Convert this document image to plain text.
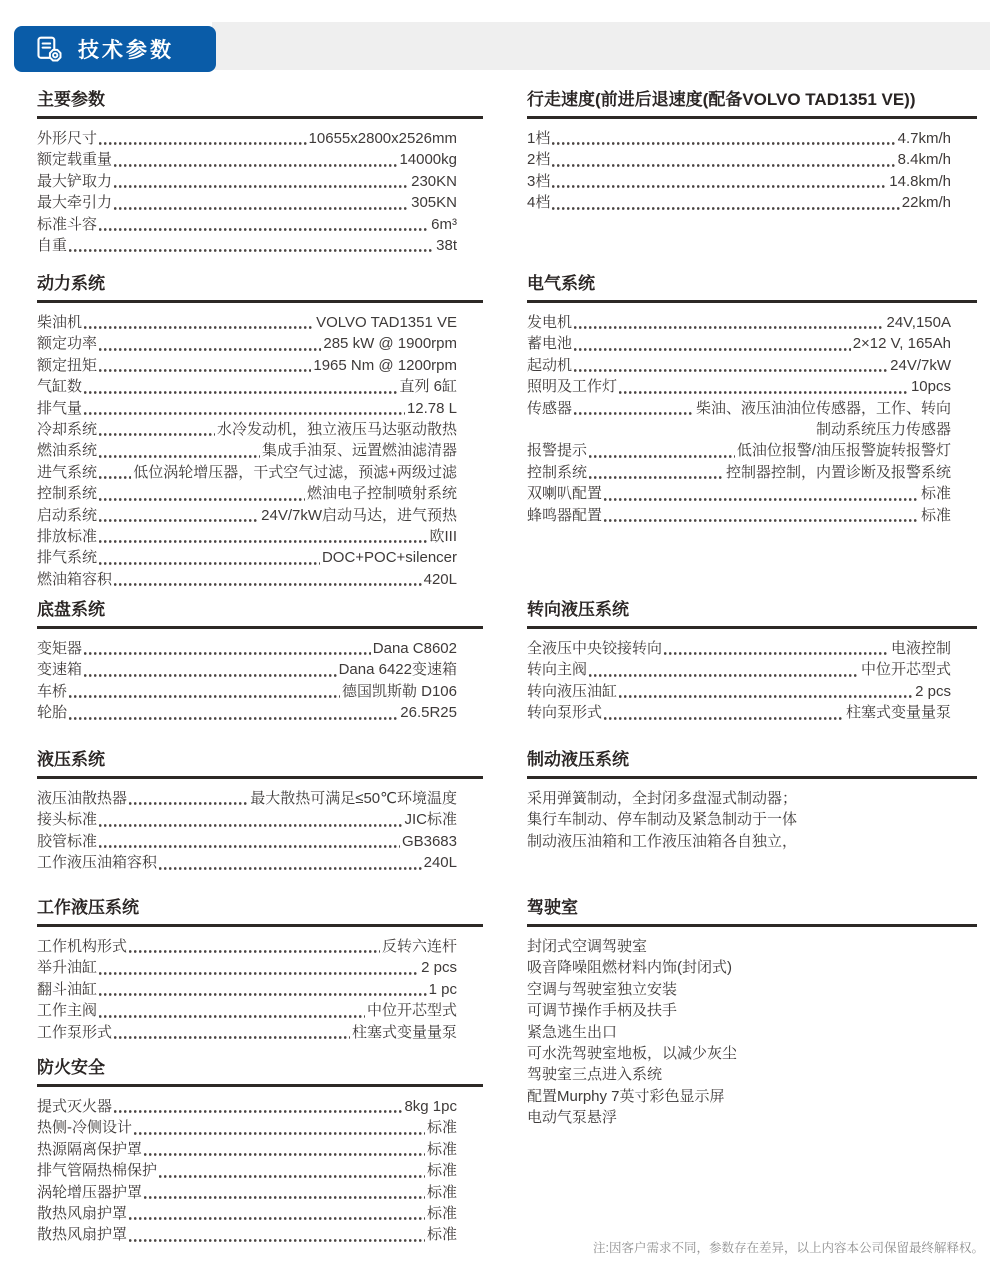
技术参数
主要参数
外形尺寸	10655x2800x2526mm
额定载重量	14000kg
最大铲取力	230KN
最大牵引力	305KN
标准斗容	6m³
自重	38t
动力系统
柴油机	VOLVO TAD1351 VE
额定功率	285 kW @ 1900rpm
额定扭矩	1965 Nm @ 1200rpm
气缸数	直列 6缸
排气量	12.78 L
冷却系统	水冷发动机，独立液压马达驱动散热
燃油系统	集成手油泵、远置燃油滤清器
进气系统 低位涡轮增压器，干式空气过滤，预滤+两级过滤
控制系统	燃油电子控制喷射系统
启动系统	24V/7kW启动马达，进气预热
排放标准	欧III
排气系统	DOC+POC+silencer
燃油箱容积	420L
底盘系统
变矩器	Dana C8602
变速箱	Dana 6422变速箱
车桥	德国凯斯勒 D106
轮胎	26.5R25
液压系统
液压油散热器	最大散热可满足≤50℃环境温度
接头标准	JIC标准
胶管标准	GB3683
工作液压油箱容积	240L
工作液压系统
工作机构形式	反转六连杆
举升油缸	2 pcs
翻斗油缸	1 pc
工作主阀	中位开芯型式
工作泵形式	柱塞式变量量泵
防火安全
提式灭火器	8kg 1pc
热侧-冷侧设计	标准
热源隔离保护罩	标准
排气管隔热棉保护	标准
涡轮增压器护罩	标准
散热风扇护罩	标准
散热风扇护罩	标准
行走速度(前进后退速度(配备VOLVO TAD1351 VE))
1档	4.7km/h
2档	8.4km/h
3档	14.8km/h
4档	22km/h
电气系统
发电机	24V,150A
蓄电池	2×12 V, 165Ah
起动机	24V/7kW
照明及工作灯	10pcs
传感器	柴油、液压油油位传感器，工作、转向
制动系统压力传感器
报警提示	低油位报警/油压报警旋转报警灯
控制系统	控制器控制，内置诊断及报警系统
双喇叭配置	标准
蜂鸣器配置	标准
转向液压系统
全液压中央铰接转向	电液控制
转向主阀	中位开芯型式
转向液压油缸	2 pcs
转向泵形式	柱塞式变量量泵
制动液压系统
采用弹簧制动，全封闭多盘湿式制动器；
集行车制动、停车制动及紧急制动于一体
制动液压油箱和工作液压油箱各自独立，
驾驶室
封闭式空调驾驶室
吸音降噪阻燃材料内饰(封闭式)
空调与驾驶室独立安装
可调节操作手柄及扶手
紧急逃生出口
可水洗驾驶室地板，以减少灰尘
驾驶室三点进入系统
配置Murphy 7英寸彩色显示屏
电动气泵悬浮
注:因客户需求不同，参数存在差异，以上内容本公司保留最终解释权。
